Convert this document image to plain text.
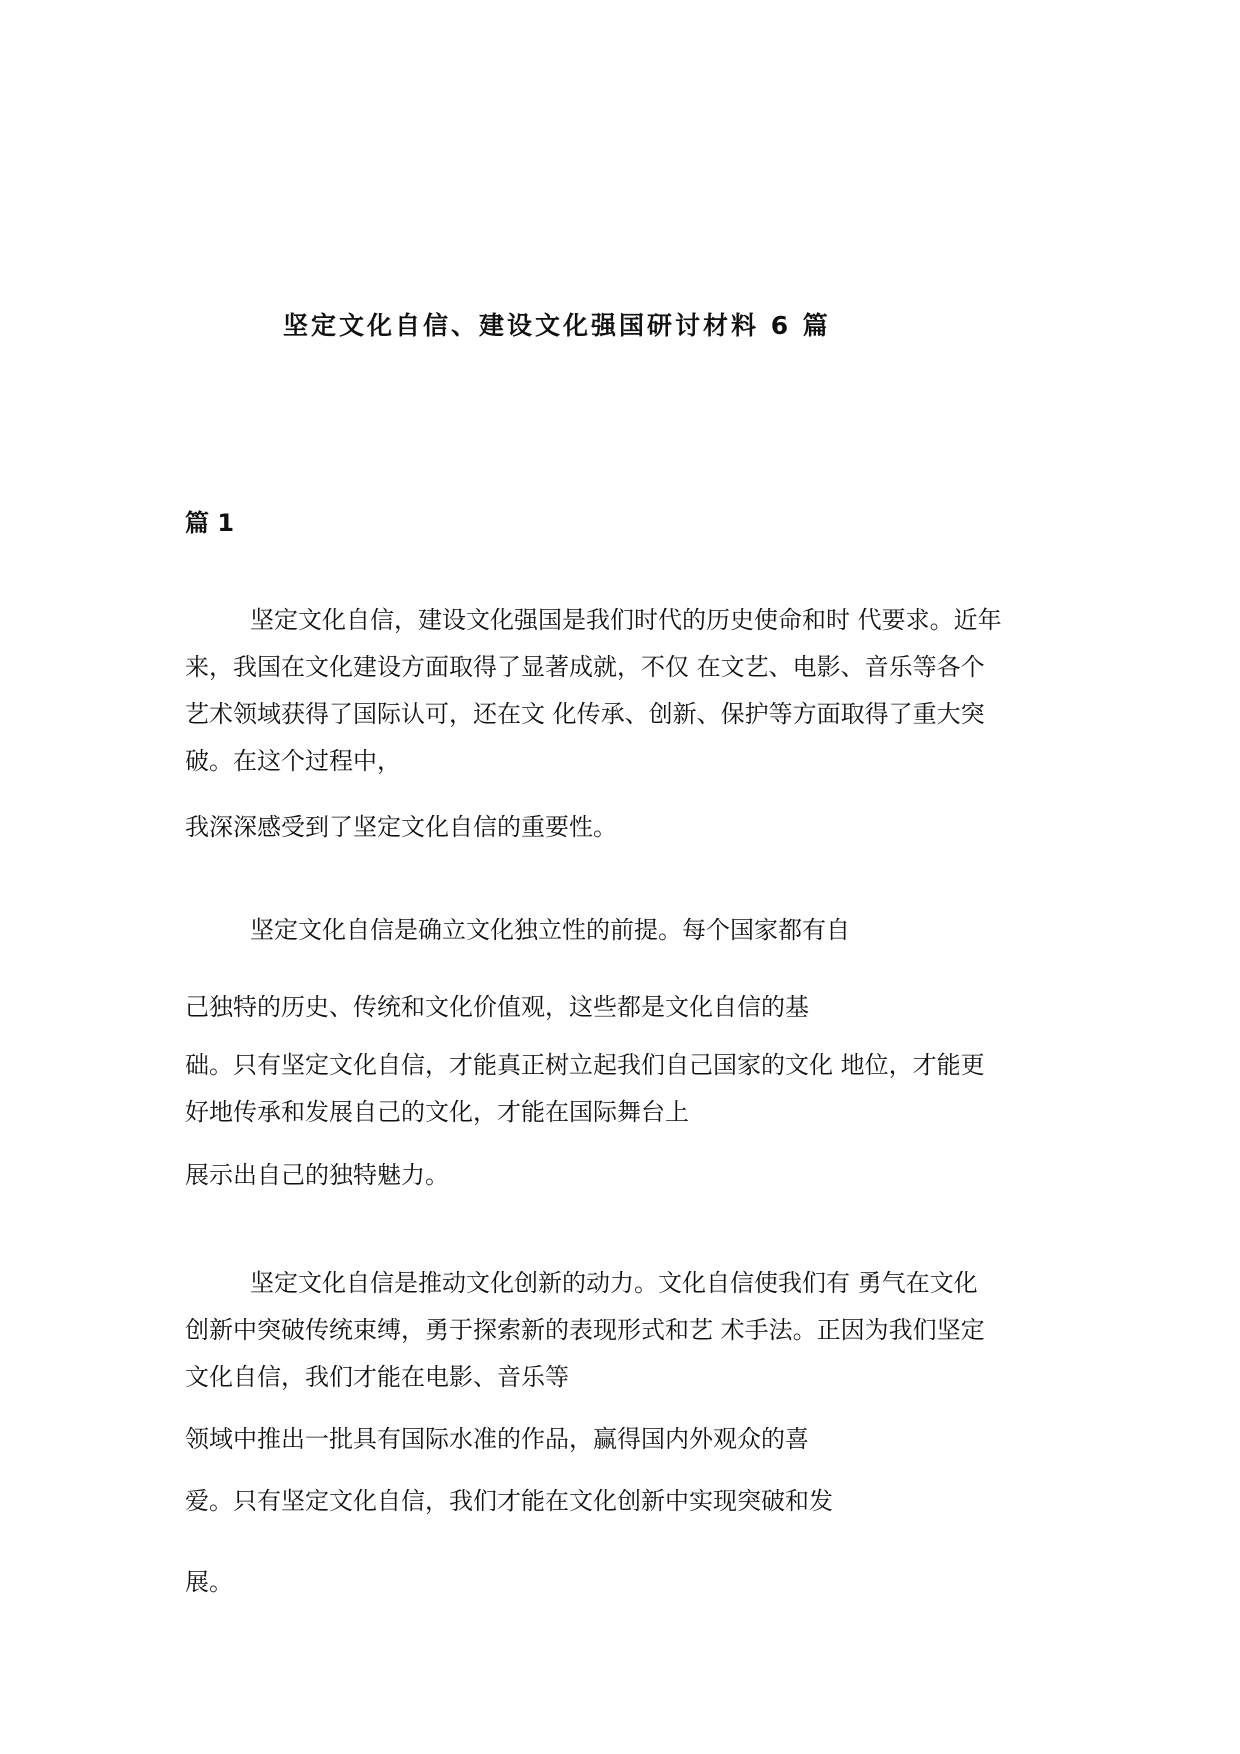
坚定文化自信、建设文化强国研讨材料 6 篇
篇 1
坚定文化自信，建设文化强国是我们时代的历史使命和时 代要求。近年
来，我国在文化建设方面取得了显著成就，不仅 在文艺、电影、音乐等各个
艺术领域获得了国际认可，还在文 化传承、创新、保护等方面取得了重大突
破。在这个过程中，
我深深感受到了坚定文化自信的重要性。
坚定文化自信是确立文化独立性的前提。每个国家都有自
己独特的历史、传统和文化价值观，这些都是文化自信的基
础。只有坚定文化自信，才能真正树立起我们自己国家的文化 地位，才能更
好地传承和发展自己的文化，才能在国际舞台上
展示出自己的独特魅力。
坚定文化自信是推动文化创新的动力。文化自信使我们有 勇气在文化
创新中突破传统束缚，勇于探索新的表现形式和艺 术手法。正因为我们坚定
文化自信，我们才能在电影、音乐等
领域中推出一批具有国际水准的作品，赢得国内外观众的喜
爱。只有坚定文化自信，我们才能在文化创新中实现突破和发
展。
